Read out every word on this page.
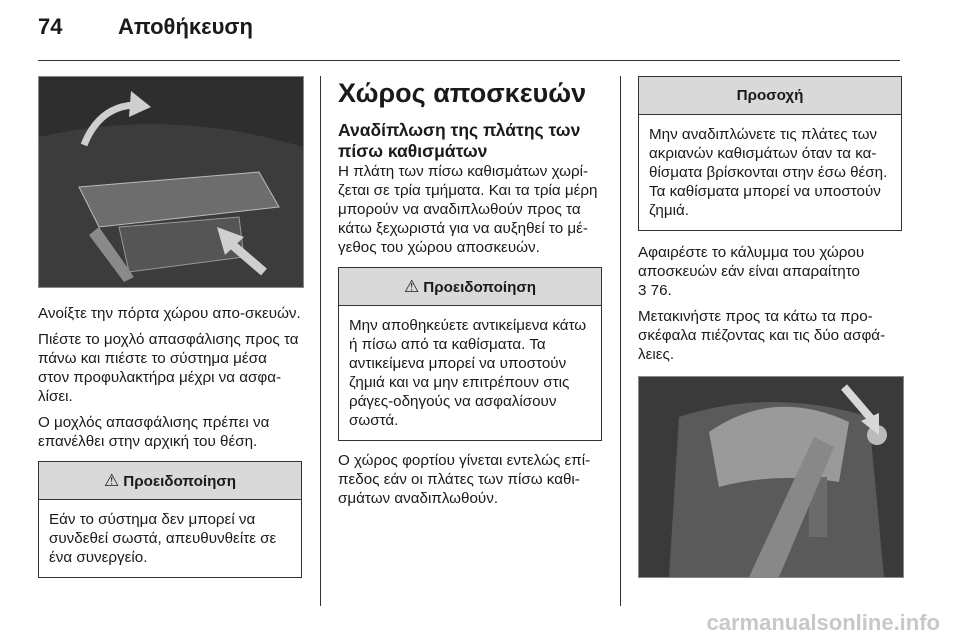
74	Αποθήκευση

Ανοίξτε την πόρτα χώρου απο-σκευών.

Πιέστε το μοχλό απασφάλισης προς τα πάνω και πιέστε το σύστημα μέσα στον προφυλακτήρα μέχρι να ασφα-λίσει.

Ο μοχλός απασφάλισης πρέπει να επανέλθει στην αρχική του θέση.

⚠ Προειδοποίηση
Εάν το σύστημα δεν μπορεί να συνδεθεί σωστά, απευθυνθείτε σε ένα συνεργείο.
Χώρος αποσκευών
Αναδίπλωση της πλάτης των πίσω καθισμάτων

Η πλάτη των πίσω καθισμάτων χωρί-ζεται σε τρία τμήματα. Και τα τρία μέρη μπορούν να αναδιπλωθούν προς τα κάτω ξεχωριστά για να αυξηθεί το μέ-γεθος του χώρου αποσκευών.

⚠ Προειδοποίηση
Μην αποθηκεύετε αντικείμενα κάτω ή πίσω από τα καθίσματα. Τα αντικείμενα μπορεί να υποστούν ζημιά και να μην επιτρέπουν στις ράγες-οδηγούς να ασφαλίσουν σωστά.

Ο χώρος φορτίου γίνεται εντελώς επί-πεδος εάν οι πλάτες των πίσω καθι-σμάτων αναδιπλωθούν.

Προσοχή
Μην αναδιπλώνετε τις πλάτες των ακριανών καθισμάτων όταν τα κα-θίσματα βρίσκονται στην έσω θέση. Τα καθίσματα μπορεί να υποστούν ζημιά.

Αφαιρέστε το κάλυμμα του χώρου αποσκευών εάν είναι απαραίτητο

3 76.

Μετακινήστε προς τα κάτω τα προ-σκέφαλα πιέζοντας και τις δύο ασφά-λειες.

carmanualsonline.info
